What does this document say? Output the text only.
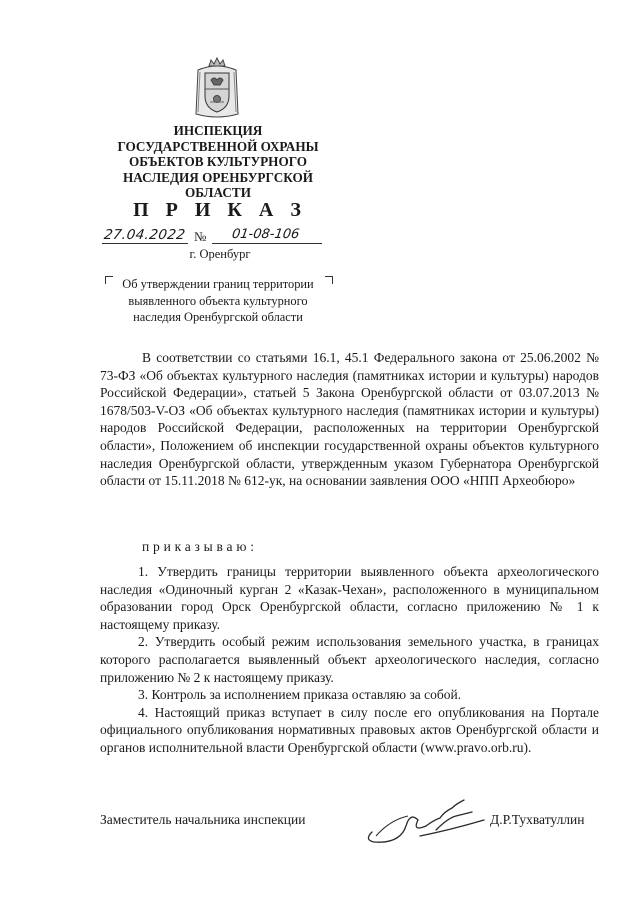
ИНСПЕКЦИЯ
ГОСУДАРСТВЕННОЙ ОХРАНЫ
ОБЪЕКТОВ КУЛЬТУРНОГО
НАСЛЕДИЯ ОРЕНБУРГСКОЙ
ОБЛАСТИ
П Р И К А З
27.04.2022 № 01-08-106
г. Оренбург
Об утверждении границ территории
выявленного объекта культурного
наследия Оренбургской области
В соответствии со статьями 16.1, 45.1 Федерального закона от 25.06.2002 № 73-ФЗ «Об объектах культурного наследия (памятниках истории и культуры) народов Российской Федерации», статьей 5 Закона Оренбургской области от 03.07.2013 № 1678/503-V-ОЗ «Об объектах культурного наследия (памятниках истории и культуры) народов Российской Федерации, расположенных на территории Оренбургской области», Положением об инспекции государственной охраны объектов культурного наследия Оренбургской области, утвержденным указом Губернатора Оренбургской области от 15.11.2018 № 612-ук, на основании заявления ООО «НПП Археобюро»
приказываю:

1. Утвердить границы территории выявленного объекта археологического наследия «Одиночный курган 2 «Казак-Чехан», расположенного в муниципальном образовании город Орск Оренбургской области, согласно приложению № 1 к настоящему приказу.

2. Утвердить особый режим использования земельного участка, в границах которого располагается выявленный объект археологического наследия, согласно приложению № 2 к настоящему приказу.

3. Контроль за исполнением приказа оставляю за собой.

4. Настоящий приказ вступает в силу после его опубликования на Портале официального опубликования нормативных правовых актов Оренбургской области и органов исполнительной власти Оренбургской области (www.pravo.orb.ru).

Заместитель начальника инспекции	Д.Р.Тухватуллин
